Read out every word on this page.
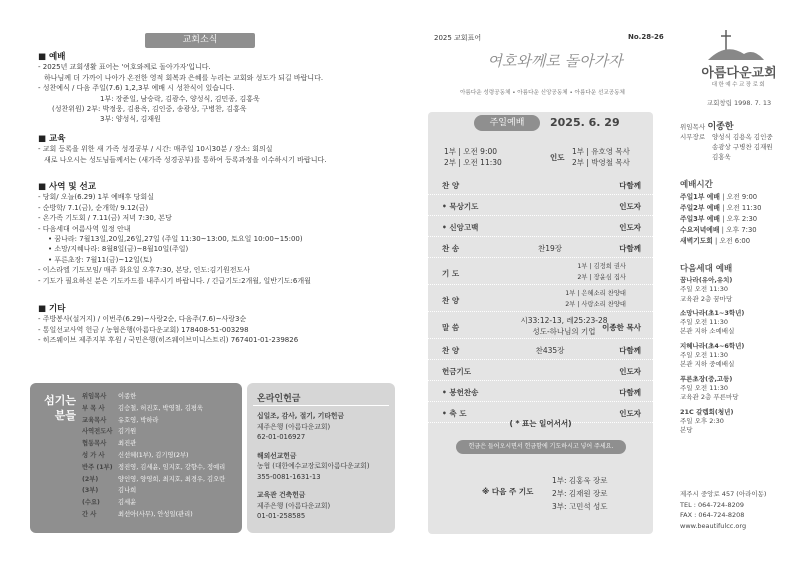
교회소식
■ 예배
- 2025년 교회생활 표어는 '여호와께로 돌아가자'입니다.
하나님께 더 가까이 나아가 온전한 영적 회복과 은혜를 누리는 교회와 성도가 되길 바랍니다.
- 성찬예식 / 다음 주일(7.6) 1,2,3부 예배 시 성찬식이 있습니다.
1부: 장준일, 남승락, 김광수, 양성식, 김민종, 김홍욱
(성찬위원) 2부: 박정웅, 김용옥, 김인중, 송광상, 구병찬, 김홍욱
3부: 양성식, 김재원
■ 교육
- 교회 등록을 위한 새 가족 성경공부 / 시간: 매주일 10시30분 / 장소: 회의실
새로 나오시는 성도님들께서는 (새가족 성경공부)를 통하여 등록과정을 이수하시기 바랍니다.
■ 사역 및 선교
- 당회/ 오늘(6.29) 1부 예배후 당회실
- 순방학/ 7.1(금), 순개학/ 9.12(금)
- 온가족 기도회 / 7.11(금) 저녁 7:30, 본당
- 다음세대 여름사역 일정 안내
• 꿈나라: 7월13일,20일,26일,27일 (주일 11:30~13:00, 토요일 10:00~15:00)
• 소망/지혜나라: 8월8일(금)~8월10일(주일)
• 푸른초장: 7월11(금)~12일(토)
- 이스라엘 기도모임/ 매주 화요일 오후7:30, 본당, 인도:김기원전도사
- 기도가 필요하신 분은 기도카드를 내주시기 바랍니다. / 긴급기도:2개월, 일반기도:6개월
■ 기타
- 주방봉사(설거지) / 이번주(6.29)~사랑2순, 다음주(7.6)~사랑3순
- 통일선교사역 헌금 / 농협은행(아름다운교회) 178408-51-003298
- 히즈웨이브 제주지부 후원 / 국민은행(히즈웨이브미니스트리) 767401-01-239826
섬기는
분들
위임목사	이종한
부 목 사	김승철, 허진호, 박영철, 김평욱
교육목사	유호영, 박하라
사역전도사 김기원
협동목사	최진관
성 가 사	신선혜(1부), 김기영(2부)
반주 (1부) 정진영, 김세윤, 임지호, 강향수, 정예리
(2부)	양인영, 양영희, 최지호, 최경우, 김오란
(3부)	김나희
(수요)	김세윤
간 사	최선아(사무), 안성일(관리)
온라인헌금
십일조, 감사, 절기, 기타헌금
제주은행 (아름다운교회)
62-01-016927
해외선교헌금
농협 (대한예수교장로회아름다운교회)
355-0081-1631-13
교육관 건축헌금
제주은행 (아름다운교회)
01-01-258585
2025 교회표어	No.28-26
여호와께로 돌아가자
아름다운 성령공동체 • 아름다운 신앙공동체 • 아름다운 선교공동체
주일예배	2025. 6. 29
1부 | 오전 9:00
2부 | 오전 11:30
인도
1부 | 유호영 목사
2부 | 박영철 목사
찬 양	다함께
• 묵상기도	인도자
• 신앙고백	인도자
찬 송	찬19장	다함께
기 도
1부 | 김정희 권사
2부 | 장윤심 집사
찬 양
1부 | 은혜소리 찬양대
2부 | 사랑소리 찬양대
말 씀
시33:12-13, 레25:23-28
성도-하나님의 기업 이종한 목사
찬 양	찬435장	다함께
헌금기도	인도자
• 봉헌찬송	다함께
• 축 도	인도자
( * 표는 일어서서)
헌금은 들어오시면서 헌금함에 기도하시고 넣어 주세요.
※ 다음 주 기도
1부: 김홍욱 장로
2부: 김재원 장로
3부: 고민석 성도
아름다운교회
대한예수교장로회
교회창립 1998. 7. 13
위임목사 이종한
시무장로	양성식 김용옥 김인중
송광상 구병찬 김재원
김홍욱
예배시간
주일1부 예배 | 오전 9:00
주일2부 예배 | 오전 11:30
주일3부 예배 | 오후 2:30
수요저녁예배 | 오후 7:30
새벽기도회 | 오전 6:00
다음세대 예배
꿈나라(유아,유치)
주일 오전 11:30
교육관 2층 꿈마당
소망나라(초1~3학년)
주일 오전 11:30
본관 지하 소예배실
지혜나라(초4~6학년)
주일 오전 11:30
본관 지하 중예배실
푸른초장(중,고등)
주일 오전 11:30
교육관 2층 푸른마당
21C 갈렙회(청년)
주일 오후 2:30
본당
제주시 중앙로 457 (아라이동)
TEL : 064-724-8209
FAX : 064-724-8208
www.beautifulcc.org
